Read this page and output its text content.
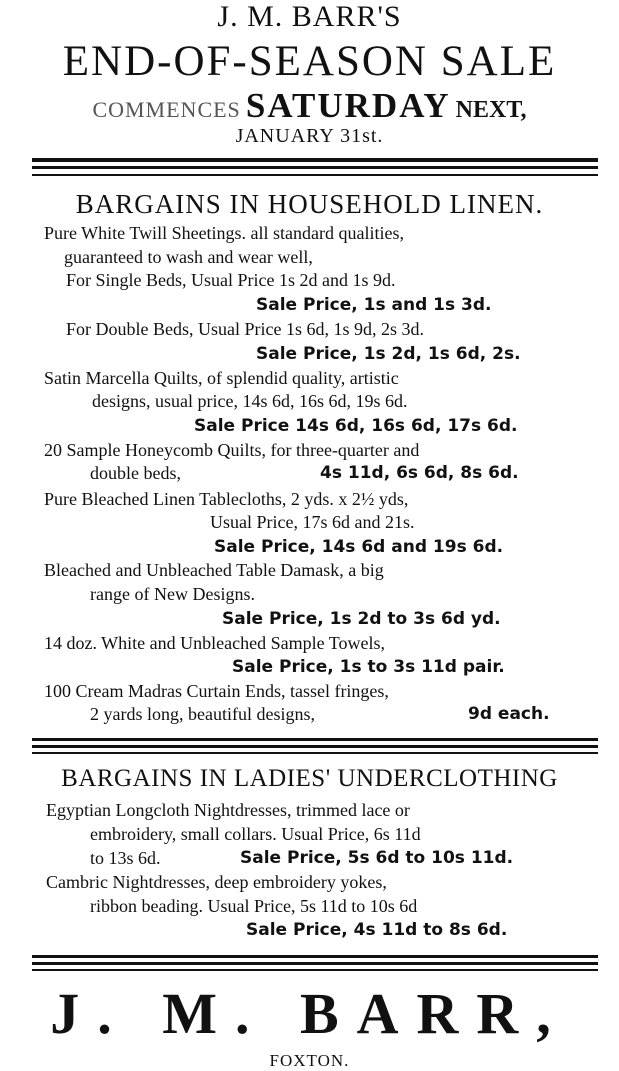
J. M. BARR'S
END-OF-SEASON SALE
COMMENCES SATURDAY NEXT,
JANUARY 31st.
BARGAINS IN HOUSEHOLD LINEN.
Pure White Twill Sheetings. all standard qualities,
guaranteed to wash and wear well,
For Single Beds, Usual Price 1s 2d and 1s 9d.
Sale Price, 1s and 1s 3d.
For Double Beds, Usual Price 1s 6d, 1s 9d, 2s 3d.
Sale Price, 1s 2d, 1s 6d, 2s.
Satin Marcella Quilts, of splendid quality, artistic
designs, usual price, 14s 6d, 16s 6d, 19s 6d.
Sale Price 14s 6d, 16s 6d, 17s 6d.
20 Sample Honeycomb Quilts, for three-quarter and
double beds,	4s 11d, 6s 6d, 8s 6d.
Pure Bleached Linen Tablecloths, 2 yds. x 2½ yds,
Usual Price, 17s 6d and 21s.
Sale Price, 14s 6d and 19s 6d.
Bleached and Unbleached Table Damask, a big
range of New Designs.
Sale Price, 1s 2d to 3s 6d yd.
14 doz. White and Unbleached Sample Towels,
Sale Price, 1s to 3s 11d pair.
100 Cream Madras Curtain Ends, tassel fringes,
2 yards long, beautiful designs,	9d each.
BARGAINS IN LADIES' UNDERCLOTHING
Egyptian Longcloth Nightdresses, trimmed lace or
embroidery, small collars. Usual Price, 6s 11d
to 13s 6d.	Sale Price, 5s 6d to 10s 11d.
Cambric Nightdresses, deep embroidery yokes,
ribbon beading. Usual Price, 5s 11d to 10s 6d
Sale Price, 4s 11d to 8s 6d.
J. M. BARR,
FOXTON.
